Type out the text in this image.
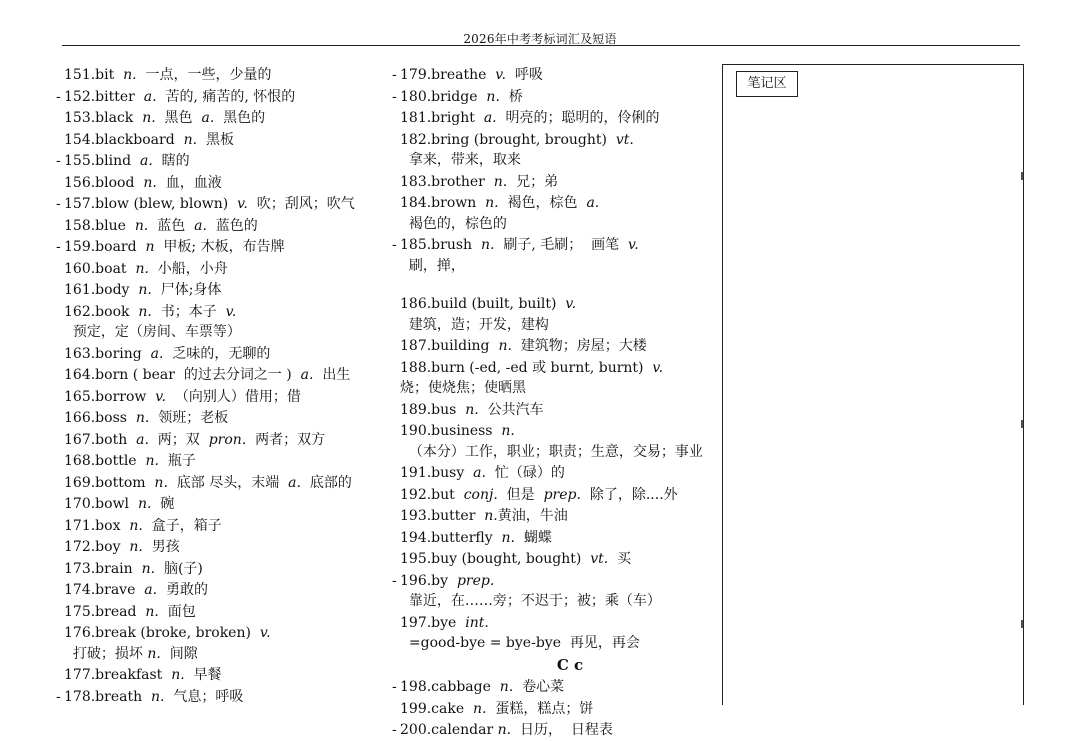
2026年中考考标词汇及短语
151.bit  n.  一点，一些，少量的
- 152.bitter  a.  苦的, 痛苦的, 怀恨的
153.black  n.  黑色  a.  黑色的
154.blackboard  n.  黑板
- 155.blind  a.  瞎的
156.blood  n.  血，血液
- 157.blow (blew, blown)  v.  吹；刮风；吹气
158.blue  n.  蓝色  a.  蓝色的
- 159.board  n  甲板; 木板，布告牌
160.boat  n.  小船，小舟
161.body  n.  尸体;身体
162.book  n.  书；本子  v.  预定，定（房间、车票等）
163.boring  a.  乏味的，无聊的
164.born ( bear  的过去分词之一 )  a.  出生
165.borrow  v.  （向别人）借用；借
166.boss  n.  领班；老板
167.both  a.  两；双  pron.  两者；双方
168.bottle  n.  瓶子
169.bottom  n.  底部 尽头，末端  a.  底部的
170.bowl  n.  碗
171.box  n.  盒子，箱子
172.boy  n.  男孩
173.brain  n.  脑(子)
174.brave  a.  勇敢的
175.bread  n.  面包
176.break (broke, broken)  v.  打破；损坏 n.  间隙
177.breakfast  n.  早餐
- 178.breath  n.  气息；呼吸
- 179.breathe  v.  呼吸
- 180.bridge  n.  桥
181.bright  a.  明亮的；聪明的，伶俐的
182.bring (brought, brought)  vt.  拿来，带来，取来
183.brother  n.  兄；弟
184.brown  n.  褐色，棕色  a.  褐色的，棕色的
- 185.brush  n.  刷子, 毛刷；  画笔  v.  刷，掸，
186.build (built, built)  v.  建筑，造；开发，建构
187.building  n.  建筑物；房屋；大楼
188.burn (-ed, -ed 或 burnt, burnt)  v.烧；使烧焦；使晒黑
189.bus  n.  公共汽车
190.business  n.  （本分）工作，职业；职责；生意，交易；事业
191.busy  a.  忙（碌）的
192.but  conj.  但是  prep.  除了，除....外
193.butter  n.黄油，牛油
194.butterfly  n.  蝴蝶
195.buy (bought, bought)  vt.  买
- 196.by  prep.  靠近，在……旁；不迟于；被；乘（车）
197.bye  int.  =good-bye = bye-bye  再见，再会
C c
- 198.cabbage  n.  卷心菜
199.cake  n.  蛋糕，糕点；饼
- 200.calendar n.  日历，  日程表
笔记区
